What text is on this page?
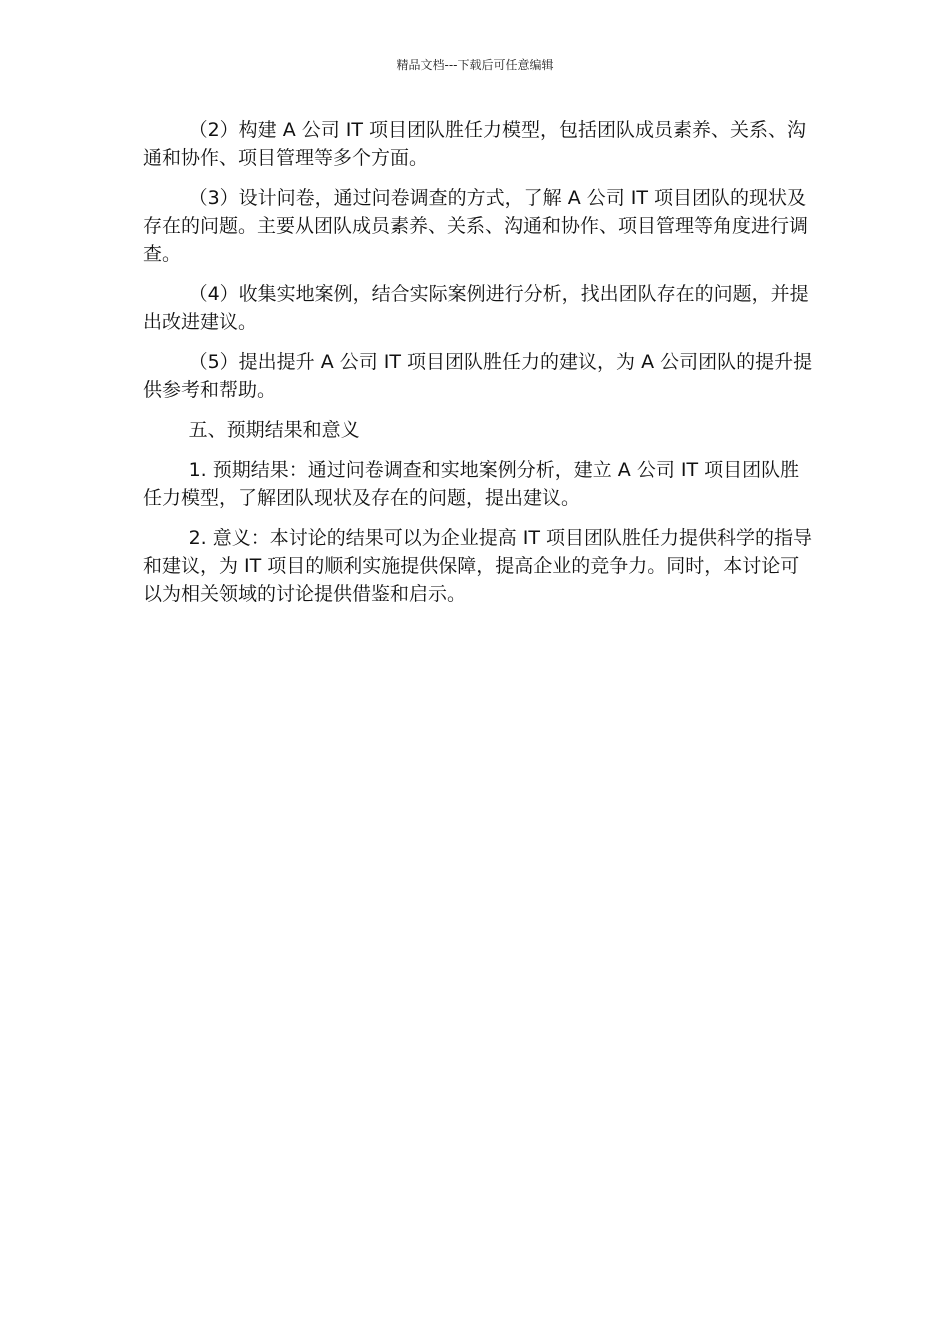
精品文档---下载后可任意编辑

（2）构建 A 公司 IT 项目团队胜任力模型，包括团队成员素养、关系、沟通和协作、项目管理等多个方面。

（3）设计问卷，通过问卷调查的方式，了解 A 公司 IT 项目团队的现状及存在的问题。主要从团队成员素养、关系、沟通和协作、项目管理等角度进行调查。

（4）收集实地案例，结合实际案例进行分析，找出团队存在的问题，并提出改进建议。

（5）提出提升 A 公司 IT 项目团队胜任力的建议，为 A 公司团队的提升提供参考和帮助。

五、预期结果和意义

1. 预期结果：通过问卷调查和实地案例分析，建立 A 公司 IT 项目团队胜任力模型，了解团队现状及存在的问题，提出建议。

2. 意义：本讨论的结果可以为企业提高 IT 项目团队胜任力提供科学的指导和建议，为 IT 项目的顺利实施提供保障，提高企业的竞争力。同时，本讨论可以为相关领域的讨论提供借鉴和启示。
